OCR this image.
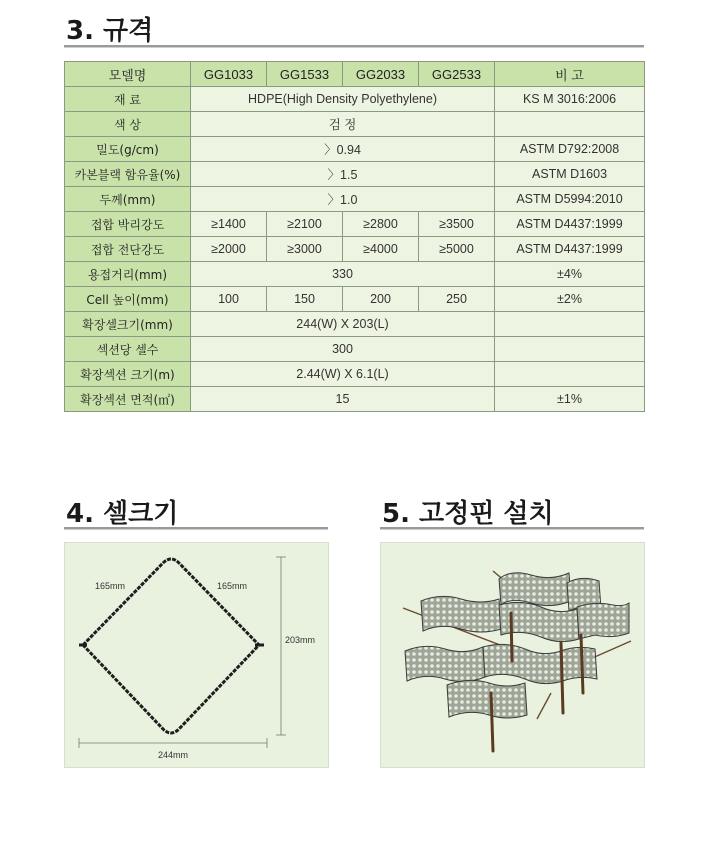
3. 규격
모델명	GG1033	GG1533	GG2033	GG2533	비 고
재 료	HDPE(High Density Polyethylene)				KS M 3016:2006
색 상	검 정				
밀도(g/cm)	〉0.94				ASTM D792:2008
카본블랙 함유율(%)	〉1.5				ASTM D1603
두께(mm)	〉1.0				ASTM D5994:2010
접합 박리강도	≥1400	≥2100	≥2800	≥3500	ASTM D4437:1999
접합 전단강도	≥2000	≥3000	≥4000	≥5000	ASTM D4437:1999
용접거리(mm)	330				±4%
Cell 높이(mm)	100	150	200	250	±2%
확장셀크기(mm)	244(W) X 203(L)				
섹션당 셀수	300				
확장섹션 크기(m)	2.44(W) X 6.1(L)				
확장섹션 면적(㎡)	15				±1%
4. 셀크기
165mm	165mm
203mm
244mm
5. 고정핀 설치
